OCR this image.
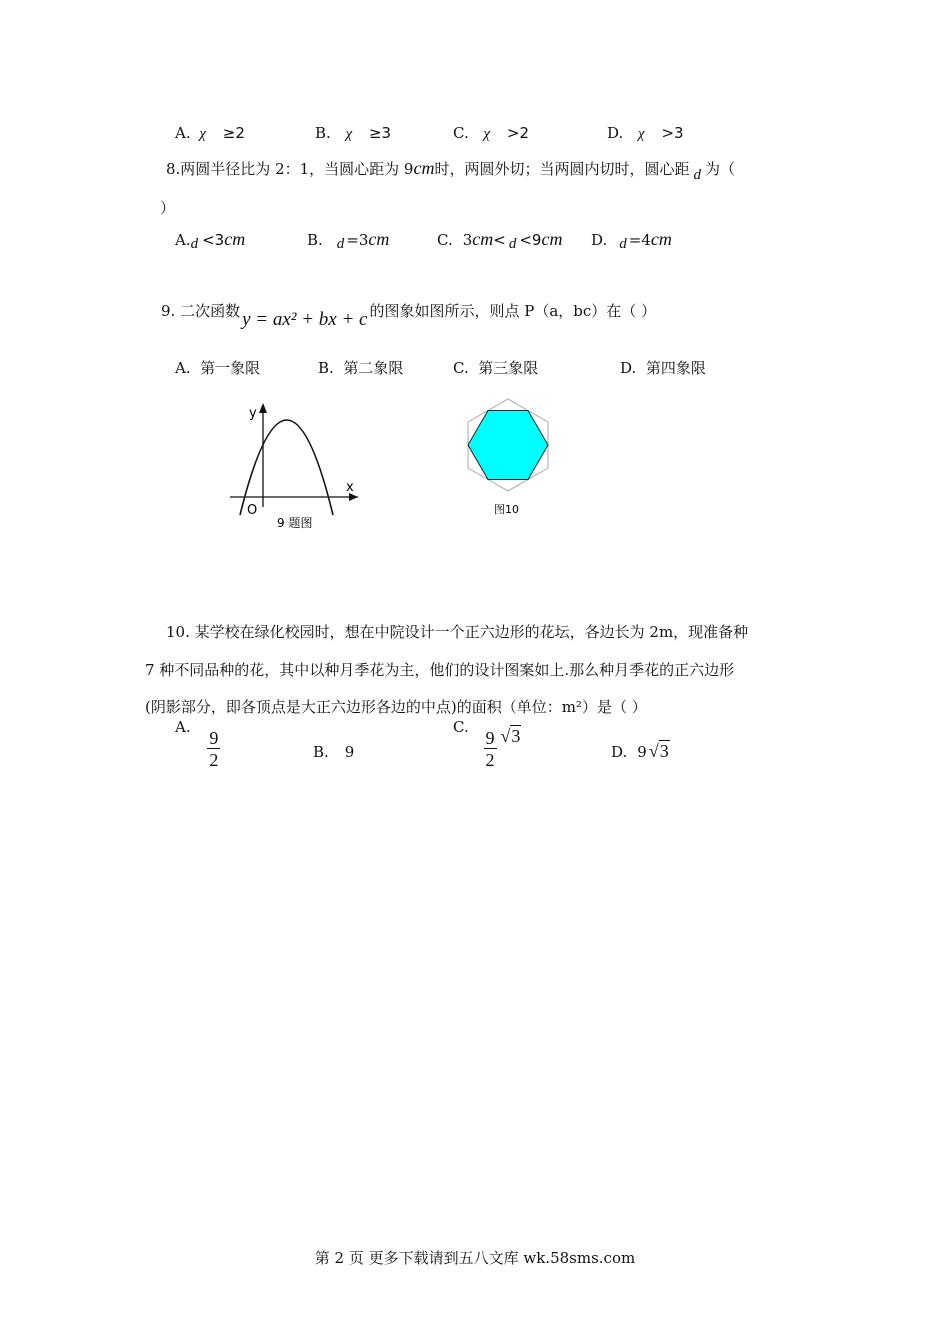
A. χ ≥2	B. χ ≥3	C. χ >2	D. χ >3
8.两圆半径比为 2：1，当圆心距为 9cm时，两圆外切；当两圆内切时，圆心距 d 为（
）
A.d <3cm	B. d =3cm	C. 3cm< d <9cm D. d =4cm
9. 二次函数 y = ax² + bx + c 的图象如图所示，则点 P（a，bc）在（ ）
A. 第一象限	B. 第二象限	C. 第三象限	D. 第四象限
y
x
O
9 题图
图10
10. 某学校在绿化校园时，想在中院设计一个正六边形的花坛，各边长为 2m，现准备种
7 种不同品种的花，其中以种月季花为主，他们的设计图案如上.那么种月季花的正六边形
(阴影部分，即各顶点是大正六边形各边的中点)的面积（单位：m²）是（ ）
A.
$\frac{9}{2}$	B. 9
C.
$\frac{9}{2} √3$
D. 9 √3
第 2 页 更多下载请到五八文库 wk.58sms.com
